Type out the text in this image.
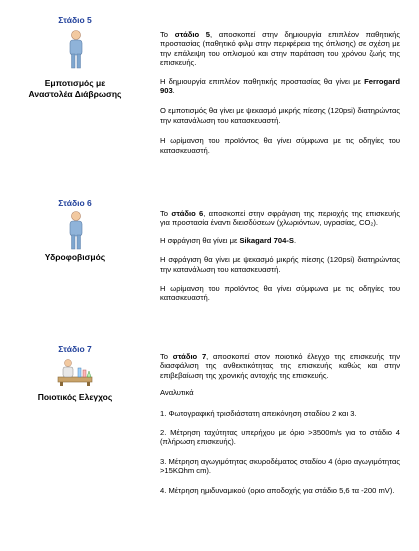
Στάδιο 5
Εμποτισμός με Αναστολέα Διάβρωσης

Το στάδιο 5, αποσκοπεί στην δημιουργία επιπλέον παθητικής προστασίας (παθητικό φιλμ στην περιφέρεια της όπλισης) σε σχέση με την επάλειψη του οπλισμού και στην παράταση του χρόνου ζωής της επισκευής.

Η δημιουργία επιπλέον παθητικής προστασίας θα γίνει με Ferrogard 903.

Ο εμποτισμός θα γίνει με ψεκασμό μικρής πίεσης (120psi) διατηρώντας την κατανάλωση του κατασκευαστή.

Η ωρίμανση του προϊόντος θα γίνει σύμφωνα με τις οδηγίες του κατασκευαστή.

Στάδιο 6
Υδροφοβισμός

Το στάδιο 6, αποσκοπεί στην σφράγιση της περιοχής της επισκευής για προστασία έναντι διεισδύσεων (χλωριόντων, υγρασίας, CO₂).

Η σφράγιση θα γίνει με Sikagard 704-S.

Η σφράγιση θα γίνει με ψεκασμό μικρής πίεσης (120psi) διατηρώντας την κατανάλωση του κατασκευαστή.

Η ωρίμανση του προϊόντος θα γίνει σύμφωνα με τις οδηγίες του κατασκευαστή.

Στάδιο 7
Ποιοτικός Ελεγχος

Το στάδιο 7, αποσκοπεί στον ποιοτικό έλεγχο της επισκευής την διασφάλιση της ανθεκτικότητας της επισκευής καθώς και στην επιβεβαίωση της χρονικής αντοχής της επισκευής.

Αναλυτικά

1. Φωτογραφική τρισδιάστατη απεικόνηση σταδίου 2 και 3.

2. Μέτρηση ταχύτητας υπερήχου με όριο >3500m/s για το στάδιο 4 (πλήρωση επισκευής).

3. Μέτρηση αγωγιμότητας σκυροδέματος σταδίου 4 (όριο αγωγιμότητας >15ΚΩhm cm).

4. Μέτρηση ημιδυναμικού (οριο αποδοχής για στάδιο 5,6 τα -200 mV).
